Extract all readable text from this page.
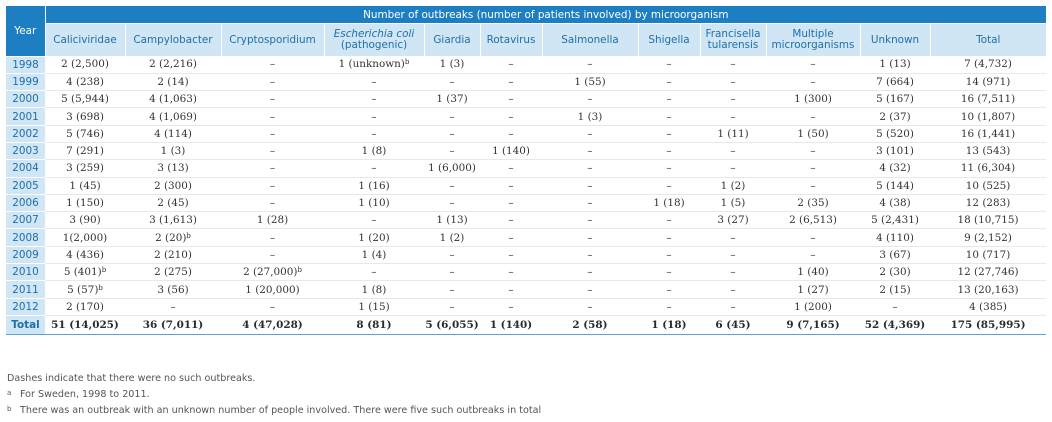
Year	Number of outbreaks (number of patients involved) by microorganism											
	Caliciviridae	Campylobacter	Cryptosporidium	Escherichia coli
(pathogenic)	Giardia	Rotavirus	Salmonella	Shigella	Francisella
tularensis	Multiple
microorganisms	Unknown	Total
1998	2 (2,500)	2 (2,216)	–	1 (unknown)$^b$	1 (3)	–	–	–	–	–	1 (13)	7 (4,732)
1999	4 (238)	2 (14)	–	–	–	–	1 (55)	–	–	–	7 (664)	14 (971)
2000	5 (5,944)	4 (1,063)	–	–	1 (37)	–	–	–	–	1 (300)	5 (167)	16 (7,511)
2001	3 (698)	4 (1,069)	–	–	–	–	1 (3)	–	–	–	2 (37)	10 (1,807)
2002	5 (746)	4 (114)	–	–	–	–	–	–	1 (11)	1 (50)	5 (520)	16 (1,441)
2003	7 (291)	1 (3)	–	1 (8)	–	1 (140)	–	–	–	–	3 (101)	13 (543)
2004	3 (259)	3 (13)	–	–	1 (6,000)	–	–	–	–	–	4 (32)	11 (6,304)
2005	1 (45)	2 (300)	–	1 (16)	–	–	–	–	1 (2)	–	5 (144)	10 (525)
2006	1 (150)	2 (45)	–	1 (10)	–	–	–	1 (18)	1 (5)	2 (35)	4 (38)	12 (283)
2007	3 (90)	3 (1,613)	1 (28)	–	1 (13)	–	–	–	3 (27)	2 (6,513)	5 (2,431)	18 (10,715)
2008	1(2,000)	2 $(20)^b$	–	1 (20)	1 (2)	–	–	–	–	–	4 (110)	9 (2,152)
2009	4 (436)	2 (210)	–	1 (4)	–	–	–	–	–	–	3 (67)	10 (717)
2010	5 $(401)^b$	2 (275)	2 $(27,000)^b$	–	–	–	–	–	–	1 (40)	2 (30)	12 (27,746)
2011	5 $(57)^b$	3 (56)	1 (20,000)	1 (8)	–	–	–	–	–	1 (27)	2 (15)	13 (20,163)
2012	2 (170)	–	–	1 (15)	–	–	–	–	–	1 (200)	–	4 (385)
Total	51 (14,025)	36 (7,011)	4 (47,028)	8 (81)	5 (6,055)	1 (140)	2 (58)	1 (18)	6 (45)	9 (7,165)	52 (4,369)	175 (85,995)
Dashes indicate that there were no such outbreaks.
a For Sweden, 1998 to 2011.
b There was an outbreak with an unknown number of people involved. There were five such outbreaks in total
